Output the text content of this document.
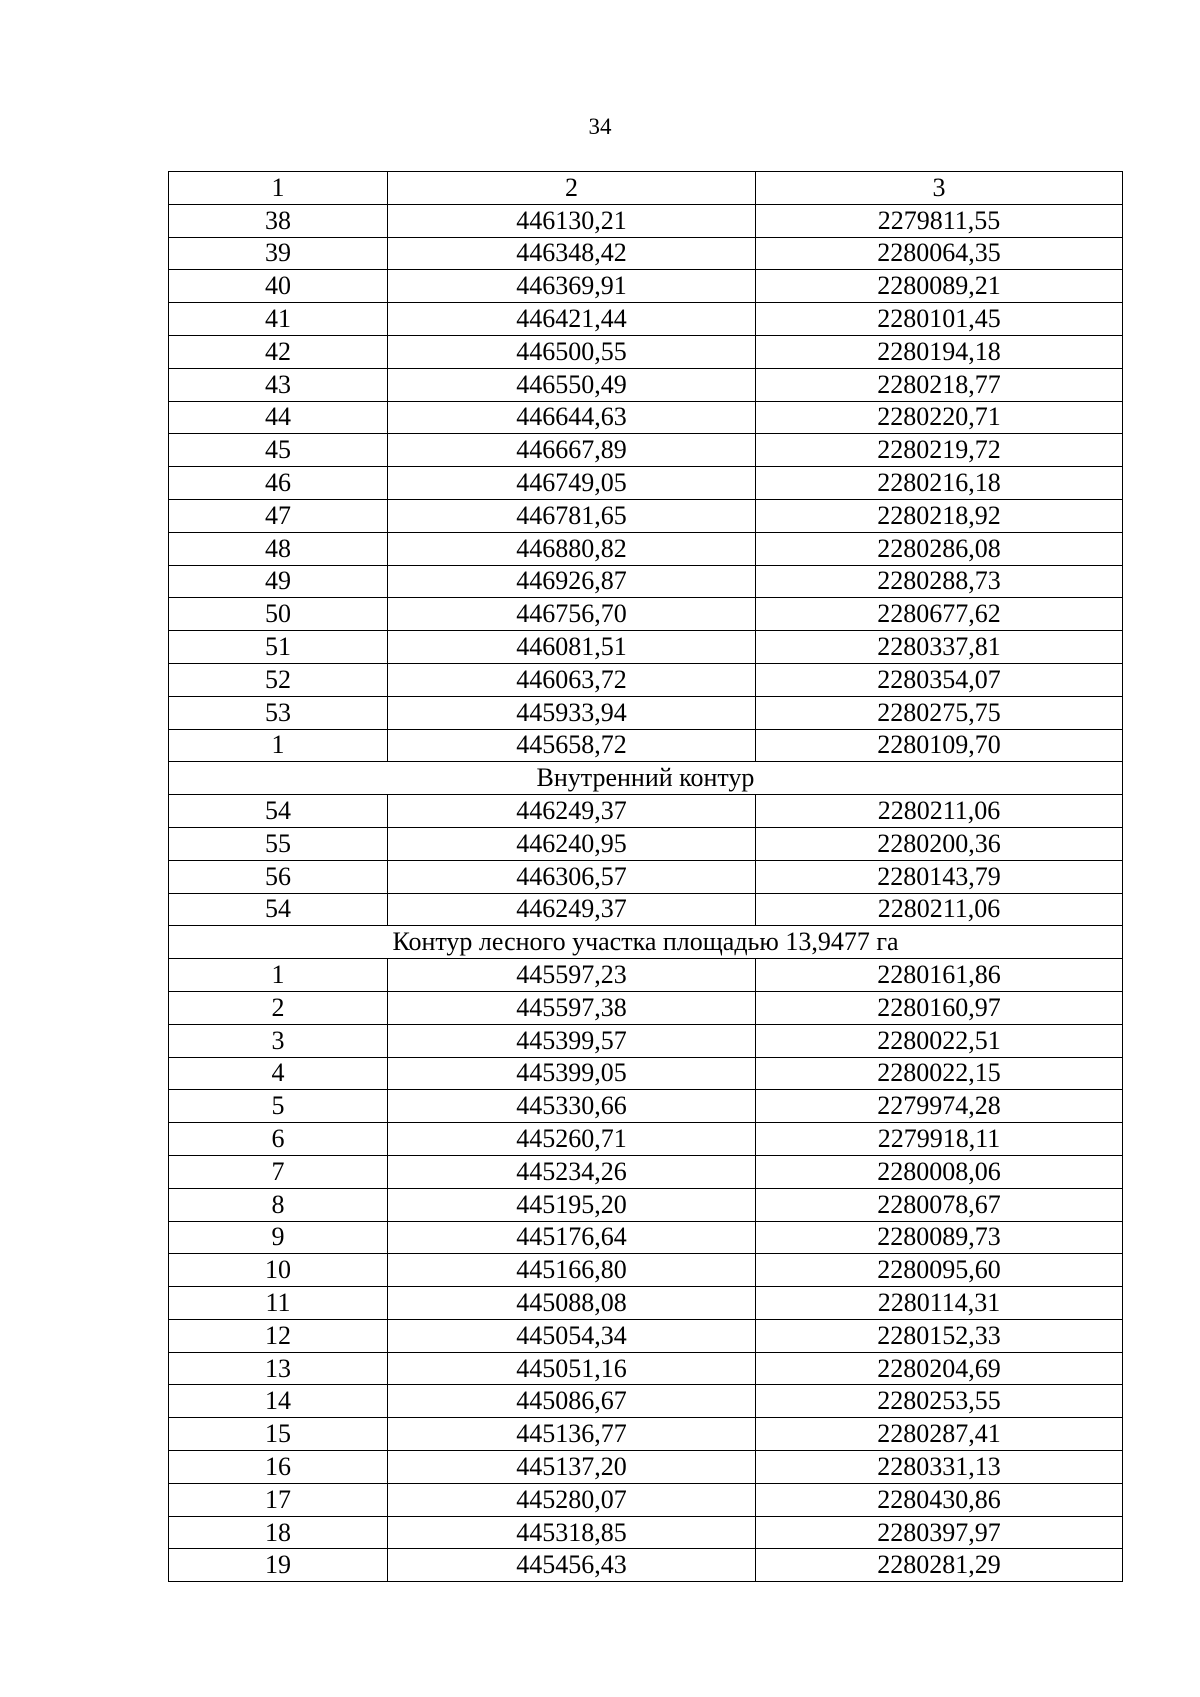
34
1	2	3
38	446130,21	2279811,55
39	446348,42	2280064,35
40	446369,91	2280089,21
41	446421,44	2280101,45
42	446500,55	2280194,18
43	446550,49	2280218,77
44	446644,63	2280220,71
45	446667,89	2280219,72
46	446749,05	2280216,18
47	446781,65	2280218,92
48	446880,82	2280286,08
49	446926,87	2280288,73
50	446756,70	2280677,62
51	446081,51	2280337,81
52	446063,72	2280354,07
53	445933,94	2280275,75
1	445658,72	2280109,70
Внутренний контур		
54	446249,37	2280211,06
55	446240,95	2280200,36
56	446306,57	2280143,79
54	446249,37	2280211,06
Контур лесного участка площадью 13,9477 га		
1	445597,23	2280161,86
2	445597,38	2280160,97
3	445399,57	2280022,51
4	445399,05	2280022,15
5	445330,66	2279974,28
6	445260,71	2279918,11
7	445234,26	2280008,06
8	445195,20	2280078,67
9	445176,64	2280089,73
10	445166,80	2280095,60
11	445088,08	2280114,31
12	445054,34	2280152,33
13	445051,16	2280204,69
14	445086,67	2280253,55
15	445136,77	2280287,41
16	445137,20	2280331,13
17	445280,07	2280430,86
18	445318,85	2280397,97
19	445456,43	2280281,29
